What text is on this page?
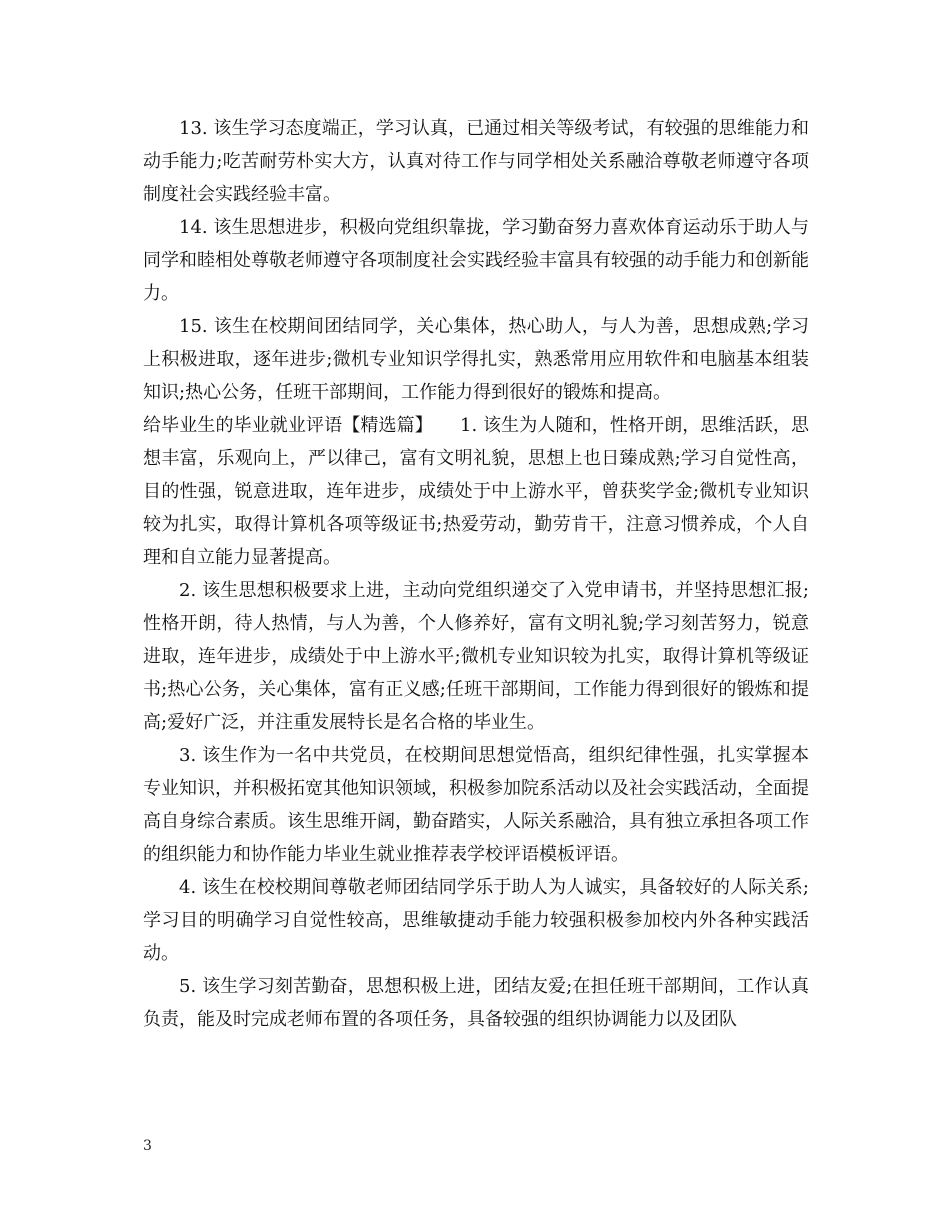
13. 该生学习态度端正，学习认真，已通过相关等级考试，有较强的思维能力和动手能力;吃苦耐劳朴实大方，认真对待工作与同学相处关系融洽尊敬老师遵守各项制度社会实践经验丰富。

14. 该生思想进步，积极向党组织靠拢，学习勤奋努力喜欢体育运动乐于助人与同学和睦相处尊敬老师遵守各项制度社会实践经验丰富具有较强的动手能力和创新能力。

15. 该生在校期间团结同学，关心集体，热心助人，与人为善，思想成熟;学习上积极进取，逐年进步;微机专业知识学得扎实，熟悉常用应用软件和电脑基本组装知识;热心公务，任班干部期间，工作能力得到很好的锻炼和提高。

给毕业生的毕业就业评语【精选篇】　　1. 该生为人随和，性格开朗，思维活跃，思想丰富，乐观向上，严以律己，富有文明礼貌，思想上也日臻成熟;学习自觉性高，目的性强，锐意进取，连年进步，成绩处于中上游水平，曾获奖学金;微机专业知识较为扎实，取得计算机各项等级证书;热爱劳动，勤劳肯干，注意习惯养成，个人自理和自立能力显著提高。

2. 该生思想积极要求上进，主动向党组织递交了入党申请书，并坚持思想汇报;性格开朗，待人热情，与人为善，个人修养好，富有文明礼貌;学习刻苦努力，锐意进取，连年进步，成绩处于中上游水平;微机专业知识较为扎实，取得计算机等级证书;热心公务，关心集体，富有正义感;任班干部期间，工作能力得到很好的锻炼和提高;爱好广泛，并注重发展特长是名合格的毕业生。

3. 该生作为一名中共党员，在校期间思想觉悟高，组织纪律性强，扎实掌握本专业知识，并积极拓宽其他知识领域，积极参加院系活动以及社会实践活动，全面提高自身综合素质。该生思维开阔，勤奋踏实，人际关系融洽，具有独立承担各项工作的组织能力和协作能力毕业生就业推荐表学校评语模板评语。

4. 该生在校校期间尊敬老师团结同学乐于助人为人诚实，具备较好的人际关系;学习目的明确学习自觉性较高，思维敏捷动手能力较强积极参加校内外各种实践活动。

5. 该生学习刻苦勤奋，思想积极上进，团结友爱;在担任班干部期间，工作认真负责，能及时完成老师布置的各项任务，具备较强的组织协调能力以及团队

3
